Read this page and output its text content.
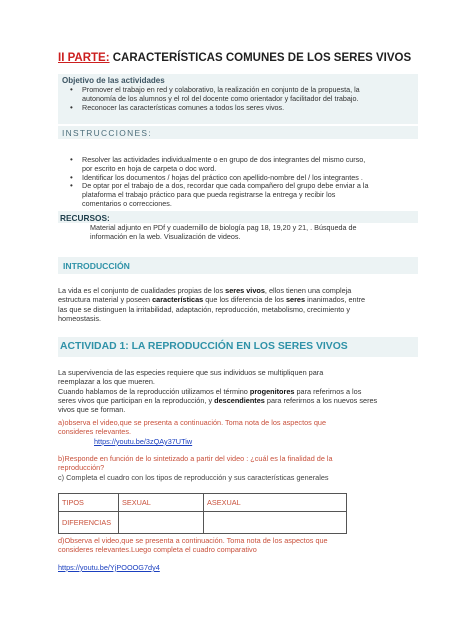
II PARTE: CARACTERÍSTICAS COMUNES DE LOS SERES VIVOS
Objetivo de las actividades
• Promover el trabajo en red y colaborativo, la realización en conjunto de la propuesta, la
autonomía de los alumnos y el rol del docente como orientador y facilitador del trabajo.
• Reconocer las características comunes a todos los seres vivos.
INSTRUCCIONES:
• Resolver las actividades individualmente o en grupo de dos integrantes del mismo curso,
por escrito en hoja de carpeta o doc word.
• Identificar los documentos / hojas del práctico con apellido-nombre del / los integrantes .
• De optar por el trabajo de a dos, recordar que cada compañero del grupo debe enviar a la
plataforma el trabajo práctico para que pueda registrarse la entrega y recibir los
comentarios o correcciones.
RECURSOS:
Material adjunto en PDf y cuadernillo de biología pag 18, 19,20 y 21, . Búsqueda de
información en la web. Visualización de videos.
INTRODUCCIÓN
La vida es el conjunto de cualidades propias de los seres vivos, ellos tienen una compleja
estructura material y poseen características que los diferencia de los seres inanimados, entre
las que se distinguen la irritabilidad, adaptación, reproducción, metabolismo, crecimiento y
homeostasis.
ACTIVIDAD 1: LA REPRODUCCIÓN EN LOS SERES VIVOS
La supervivencia de las especies requiere que sus individuos se multipliquen para
reemplazar a los que mueren.
Cuando hablamos de la reproducción utilizamos el término progenitores para referirnos a los
seres vivos que participan en la reproducción, y descendientes para referirnos a los nuevos seres
vivos que se forman.
a)observa el video,que se presenta a continuación. Toma nota de los aspectos que
consideres relevantes.
https://youtu.be/3zQAy37UTiw
b)Responde en función de lo sintetizado a partir del video : ¿cuál es la finalidad de la
reproducción?
c) Completa el cuadro con los tipos de reproducción y sus características generales
TIPOS	SEXUAL	ASEXUAL
DIFERENCIAS		
d)Observa el video,que se presenta a continuación. Toma nota de los aspectos que
consideres relevantes.Luego completa el cuadro comparativo
https://youtu.be/YjPOOOG7dy4
